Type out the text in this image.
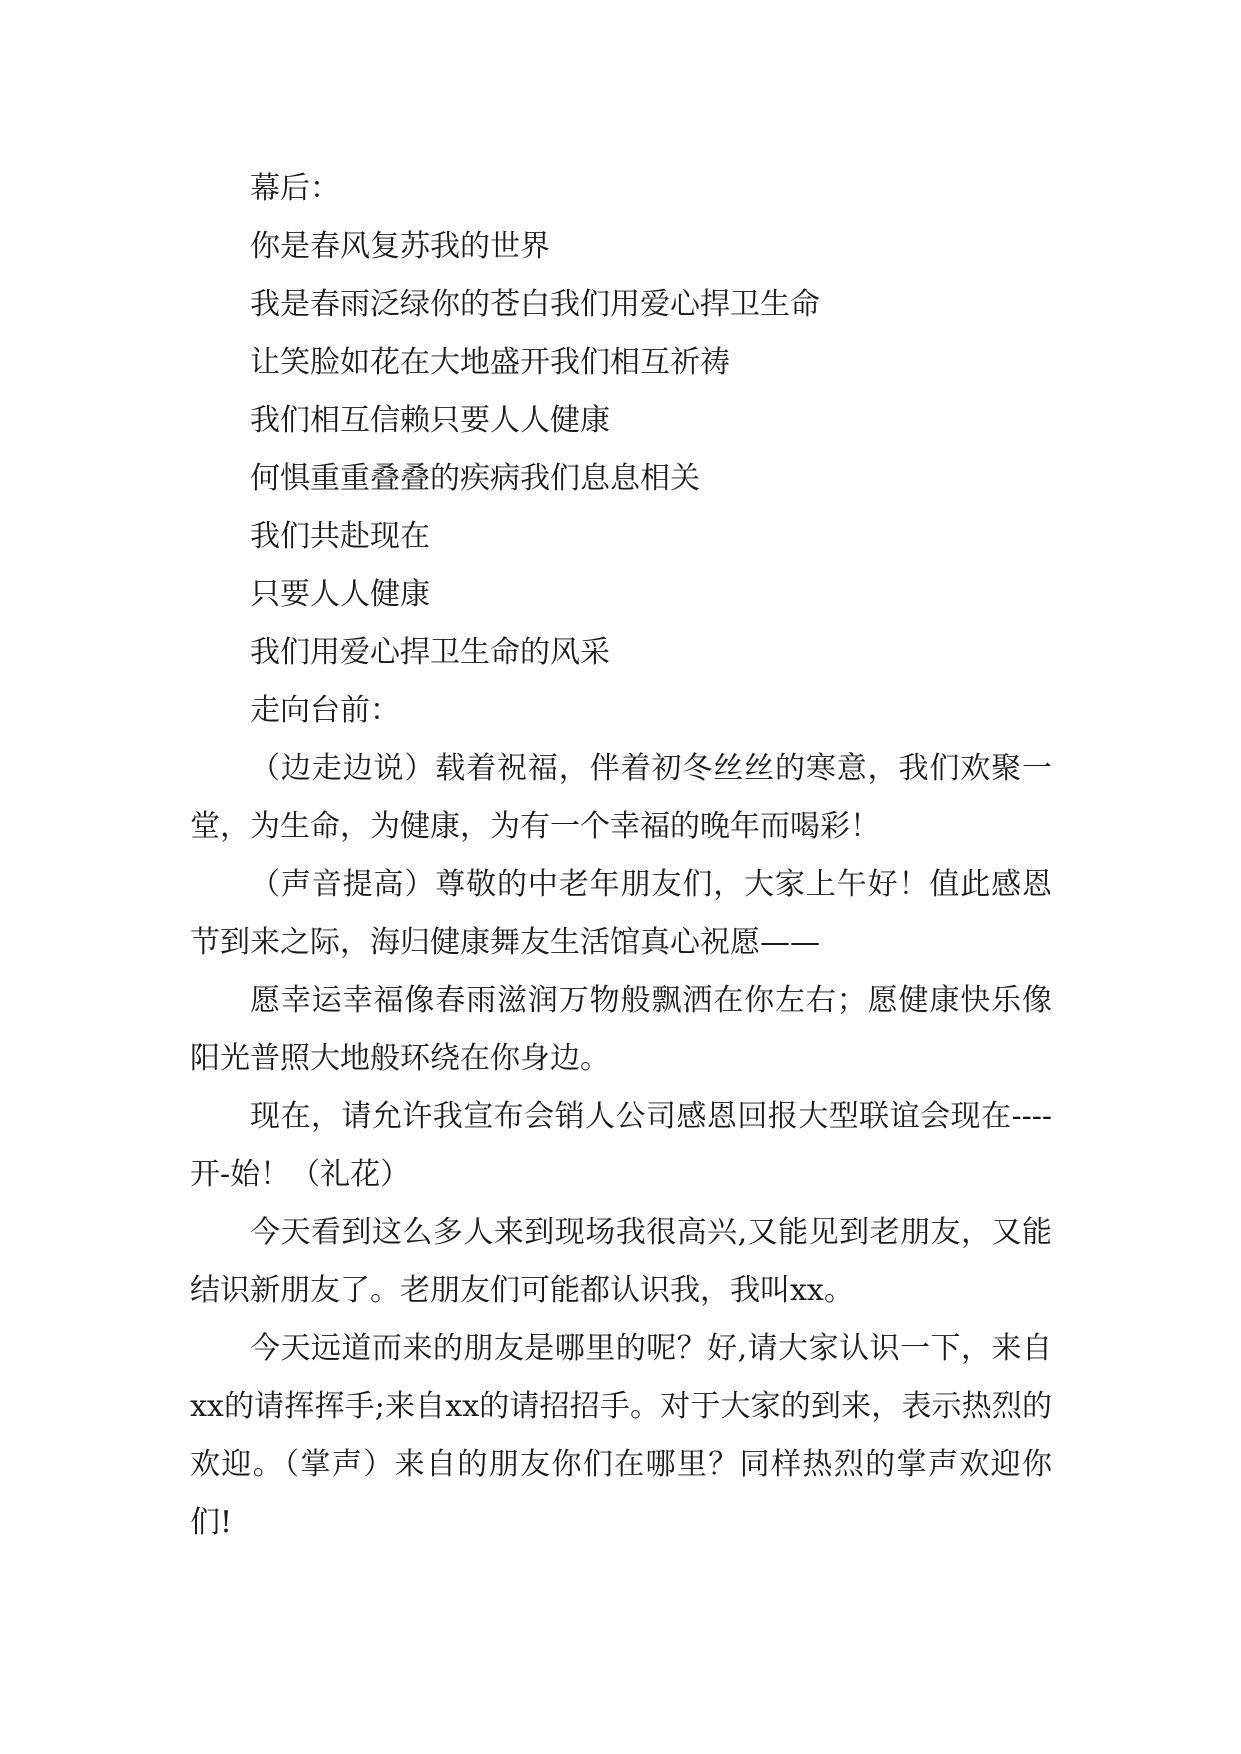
幕后：

你是春风复苏我的世界

我是春雨泛绿你的苍白我们用爱心捍卫生命

让笑脸如花在大地盛开我们相互祈祷

我们相互信赖只要人人健康

何惧重重叠叠的疾病我们息息相关

我们共赴现在

只要人人健康

我们用爱心捍卫生命的风采

走向台前：

（边走边说）载着祝福，伴着初冬丝丝的寒意，我们欢聚一堂，为生命，为健康，为有一个幸福的晚年而喝彩！

（声音提高）尊敬的中老年朋友们，大家上午好！值此感恩节到来之际，海归健康舞友生活馆真心祝愿——

愿幸运幸福像春雨滋润万物般飘洒在你左右；愿健康快乐像阳光普照大地般环绕在你身边。

现在，请允许我宣布会销人公司感恩回报大型联谊会现在----开-始！（礼花）

今天看到这么多人来到现场我很高兴,又能见到老朋友，又能结识新朋友了。老朋友们可能都认识我，我叫xx。

今天远道而来的朋友是哪里的呢？好,请大家认识一下，来自xx的请挥挥手;来自xx的请招招手。对于大家的到来，表示热烈的欢迎。（掌声）来自的朋友你们在哪里？同样热烈的掌声欢迎你们!
